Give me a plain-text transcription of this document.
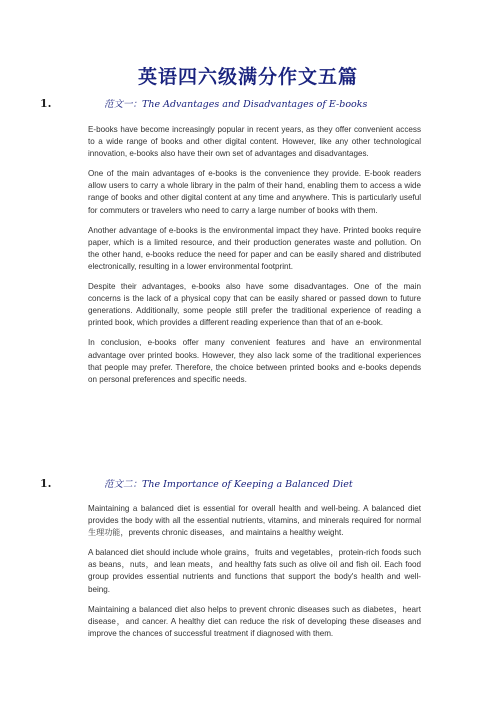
英语四六级满分作文五篇
1.	范文一：The Advantages and Disadvantages of E-books

E-books have become increasingly popular in recent years, as they offer convenient access to a wide range of books and other digital content. However, like any other technological innovation, e-books also have their own set of advantages and disadvantages.

One of the main advantages of e-books is the convenience they provide. E-book readers allow users to carry a whole library in the palm of their hand, enabling them to access a wide range of books and other digital content at any time and anywhere. This is particularly useful for commuters or travelers who need to carry a large number of books with them.

Another advantage of e-books is the environmental impact they have. Printed books require paper, which is a limited resource, and their production generates waste and pollution. On the other hand, e-books reduce the need for paper and can be easily shared and distributed electronically, resulting in a lower environmental footprint.

Despite their advantages, e-books also have some disadvantages. One of the main concerns is the lack of a physical copy that can be easily shared or passed down to future generations. Additionally, some people still prefer the traditional experience of reading a printed book, which provides a different reading experience than that of an e-book.

In conclusion, e-books offer many convenient features and have an environmental advantage over printed books. However, they also lack some of the traditional experiences that people may prefer. Therefore, the choice between printed books and e-books depends on personal preferences and specific needs.

1.	范文二：The Importance of Keeping a Balanced Diet

Maintaining a balanced diet is essential for overall health and well-being. A balanced diet provides the body with all the essential nutrients, vitamins, and minerals required for normal 生理功能，prevents chronic diseases，and maintains a healthy weight.

A balanced diet should include whole grains，fruits and vegetables，protein-rich foods such as beans，nuts，and lean meats，and healthy fats such as olive oil and fish oil. Each food group provides essential nutrients and functions that support the body's health and well-being.

Maintaining a balanced diet also helps to prevent chronic diseases such as diabetes，heart disease，and cancer. A healthy diet can reduce the risk of developing these diseases and improve the chances of successful treatment if diagnosed with them.
